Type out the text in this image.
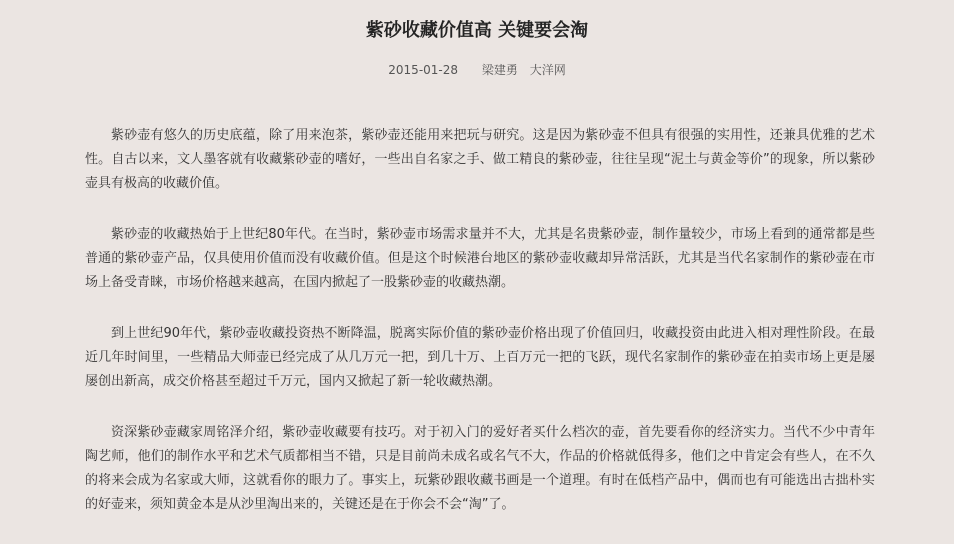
紫砂收藏价值高 关键要会淘
2015-01-28 梁建勇 大洋网

紫砂壶有悠久的历史底蕴，除了用来泡茶，紫砂壶还能用来把玩与研究。这是因为紫砂壶不但具有很强的实用性，还兼具优雅的艺术性。自古以来，文人墨客就有收藏紫砂壶的嗜好，一些出自名家之手、做工精良的紫砂壶，往往呈现“泥土与黄金等价”的现象，所以紫砂壶具有极高的收藏价值。

紫砂壶的收藏热始于上世纪80年代。在当时，紫砂壶市场需求量并不大，尤其是名贵紫砂壶，制作量较少，市场上看到的通常都是些普通的紫砂壶产品，仅具使用价值而没有收藏价值。但是这个时候港台地区的紫砂壶收藏却异常活跃，尤其是当代名家制作的紫砂壶在市场上备受青睐，市场价格越来越高，在国内掀起了一股紫砂壶的收藏热潮。

到上世纪90年代，紫砂壶收藏投资热不断降温，脱离实际价值的紫砂壶价格出现了价值回归，收藏投资由此进入相对理性阶段。在最近几年时间里，一些精品大师壶已经完成了从几万元一把，到几十万、上百万元一把的飞跃，现代名家制作的紫砂壶在拍卖市场上更是屡屡创出新高，成交价格甚至超过千万元，国内又掀起了新一轮收藏热潮。

资深紫砂壶藏家周铭泽介绍，紫砂壶收藏要有技巧。对于初入门的爱好者买什么档次的壶，首先要看你的经济实力。当代不少中青年陶艺师，他们的制作水平和艺术气质都相当不错，只是目前尚未成名或名气不大，作品的价格就低得多，他们之中肯定会有些人，在不久的将来会成为名家或大师，这就看你的眼力了。事实上，玩紫砂跟收藏书画是一个道理。有时在低档产品中，偶而也有可能选出古拙朴实的好壶来，须知黄金本是从沙里淘出来的，关键还是在于你会不会“淘”了。
